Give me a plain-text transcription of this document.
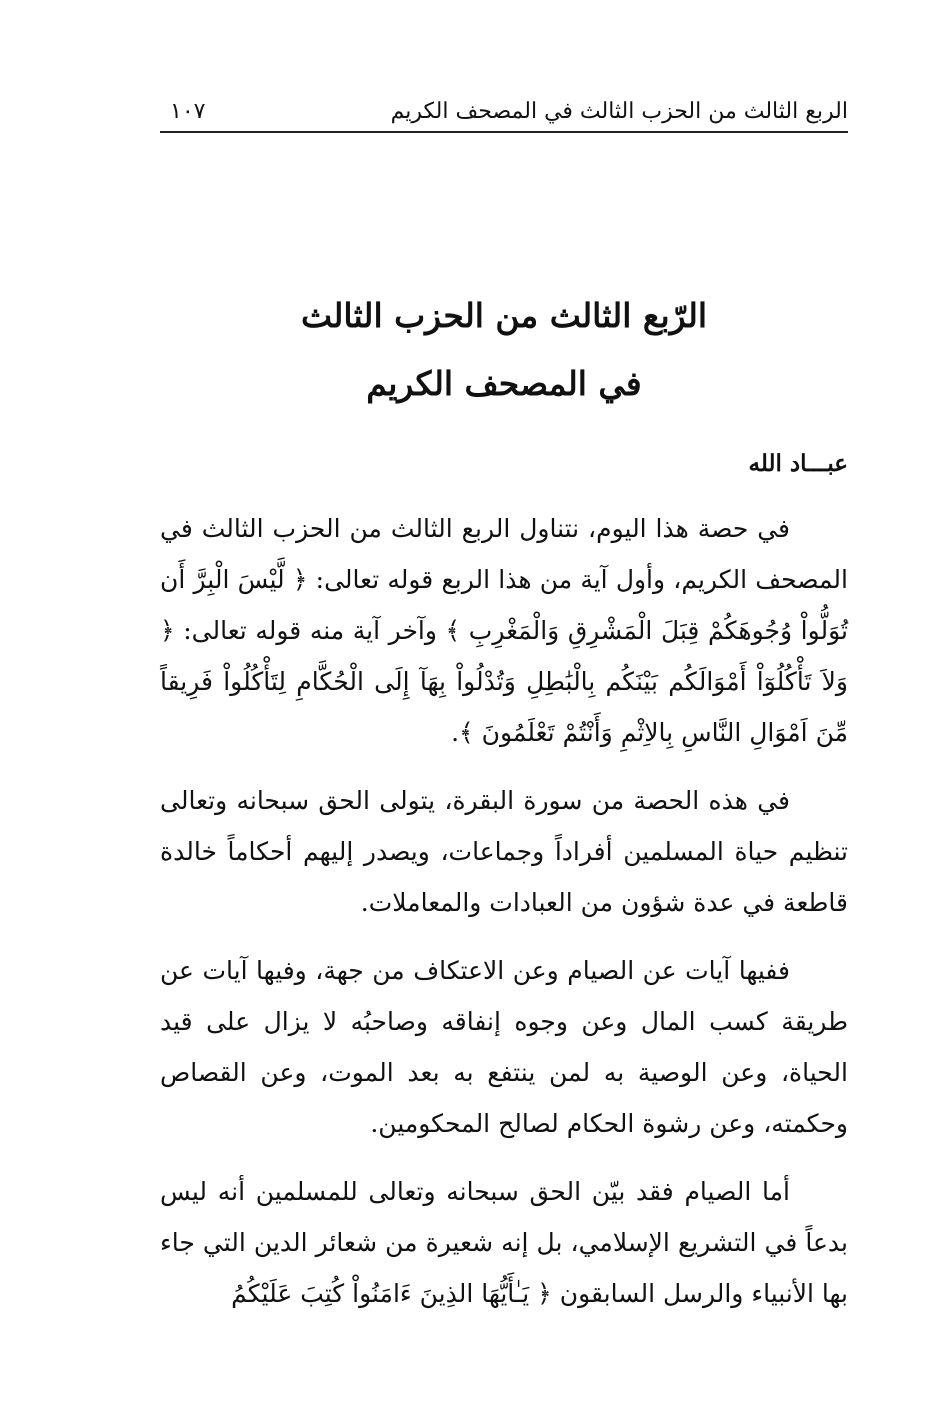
الربع الثالث من الحزب الثالث في المصحف الكريم
١٠٧
الرّبع الثالث من الحزب الثالث
في المصحف الكريم
عبـــاد الله

في حصة هذا اليوم، نتناول الربع الثالث من الحزب الثالث في المصحف الكريم، وأول آية من هذا الربع قوله تعالى: ﴿ لَّيْسَ الْبِرَّ أَن تُوَلُّواْ وُجُوهَكُمْ قِبَلَ الْمَشْرِقِ وَالْمَغْرِبِ ﴾ وآخر آية منه قوله تعالى: ﴿ وَلاَ تَأْكُلُوٓاْ أَمْوَالَكُم بَيْنَكُم بِالْبَٰطِلِ وَتُدْلُواْ بِهَآ إِلَى الْحُكَّامِ لِتَأْكُلُواْ فَرِيقاً مِّنَ اَمْوَالِ النَّاسِ بِالاِثْمِ وَأَنْتُمْ تَعْلَمُونَ ﴾.

في هذه الحصة من سورة البقرة، يتولى الحق سبحانه وتعالى تنظيم حياة المسلمين أفراداً وجماعات، ويصدر إليهم أحكاماً خالدة قاطعة في عدة شؤون من العبادات والمعاملات.

ففيها آيات عن الصيام وعن الاعتكاف من جهة، وفيها آيات عن طريقة كسب المال وعن وجوه إنفاقه وصاحبُه لا يزال على قيد الحياة، وعن الوصية به لمن ينتفع به بعد الموت، وعن القصاص وحكمته، وعن رشوة الحكام لصالح المحكومين.

أما الصيام فقد بيّن الحق سبحانه وتعالى للمسلمين أنه ليس بدعاً في التشريع الإسلامي، بل إنه شعيرة من شعائر الدين التي جاء بها الأنبياء والرسل السابقون ﴿ يَـٰأَيُّهَا الذِينَ ءَامَنُواْ كُتِبَ عَلَيْكُمُ
